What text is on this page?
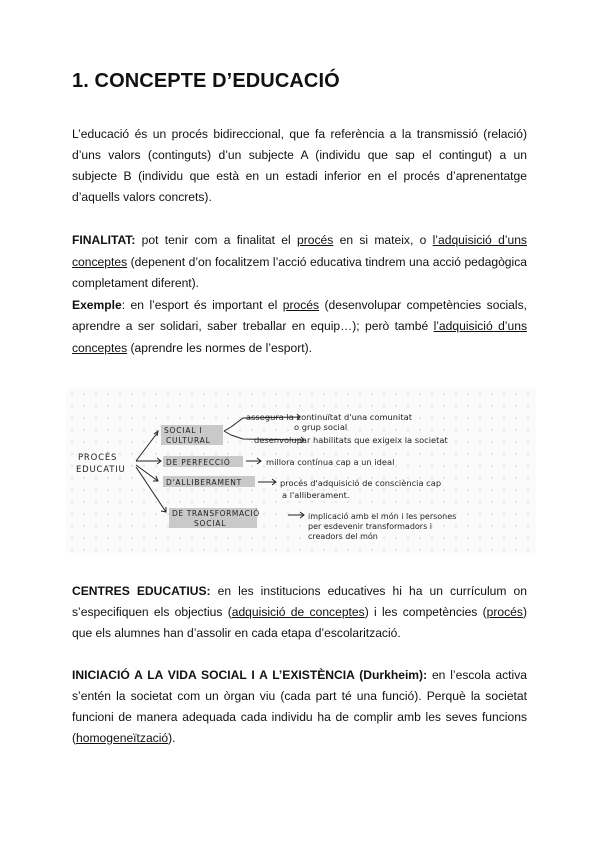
1. CONCEPTE D’EDUCACIÓ

L’educació és un procés bidireccional, que fa referència a la transmissió (relació) d’uns valors (continguts) d’un subjecte A (individu que sap el contingut) a un subjecte B (individu que està en un estadi inferior en el procés d’aprenentatge d’aquells valors concrets).

FINALITAT: pot tenir com a finalitat el procés en si mateix, o l’adquisició d’uns conceptes (depenent d’on focalitzem l’acció educativa tindrem una acció pedagògica completament diferent).

Exemple: en l’esport és important el procés (desenvolupar competències socials, aprendre a ser solidari, saber treballar en equip…); però també l’adquisició d’uns conceptes (aprendre les normes de l’esport).

PROCÉS
EDUCATIU
SOCIAL I
CULTURAL
DE PERFECCIÓ
D'ALLIBERAMENT
DE TRANSFORMACIÓ
SOCIAL
assegura la continuïtat d'una comunitat
o grup social
desenvolupar habilitats que exigeix la societat
millora contínua cap a un ideal
procés d'adquisició de consciència cap
a l'alliberament.
implicació amb el món i les persones
per esdevenir transformadors i
creadors del món

CENTRES EDUCATIUS: en les institucions educatives hi ha un currículum on s’especifiquen els objectius (adquisició de conceptes) i les competències (procés) que els alumnes han d’assolir en cada etapa d’escolarització.

INICIACIÓ A LA VIDA SOCIAL I A L’EXISTÈNCIA (Durkheim): en l’escola activa s’entén la societat com un òrgan viu (cada part té una funció). Perquè la societat funcioni de manera adequada cada individu ha de complir amb les seves funcions (homogeneïtzació).
